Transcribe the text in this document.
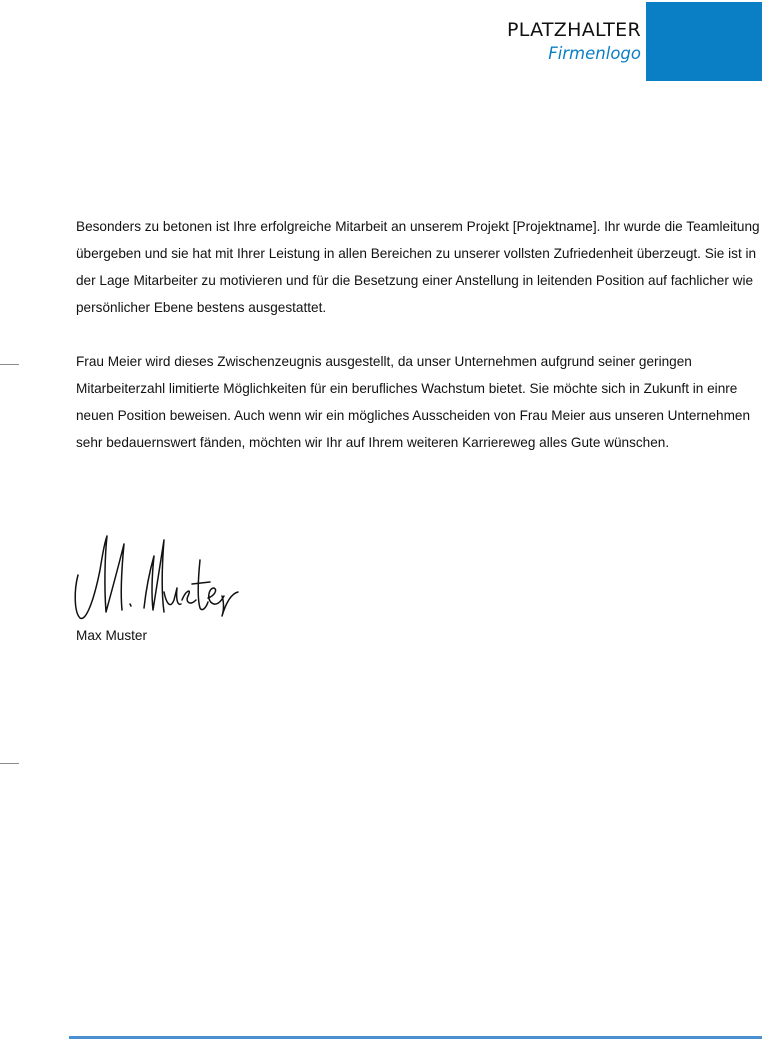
PLATZHALTER
Firmenlogo

Besonders zu betonen ist Ihre erfolgreiche Mitarbeit an unserem Projekt [Projektname]. Ihr wurde die Teamleitung übergeben und sie hat mit Ihrer Leistung in allen Bereichen zu unserer vollsten Zufriedenheit überzeugt. Sie ist in der Lage Mitarbeiter zu motivieren und für die Besetzung einer Anstellung in leitenden Position auf fachlicher wie persönlicher Ebene bestens ausgestattet.

Frau Meier wird dieses Zwischenzeugnis ausgestellt, da unser Unternehmen aufgrund seiner geringen Mitarbeiterzahl limitierte Möglichkeiten für ein berufliches Wachstum bietet. Sie möchte sich in Zukunft in einre neuen Position beweisen. Auch wenn wir ein mögliches Ausscheiden von Frau Meier aus unseren Unternehmen sehr bedauernswert fänden, möchten wir Ihr auf Ihrem weiteren Karriereweg alles Gute wünschen.

Max Muster
